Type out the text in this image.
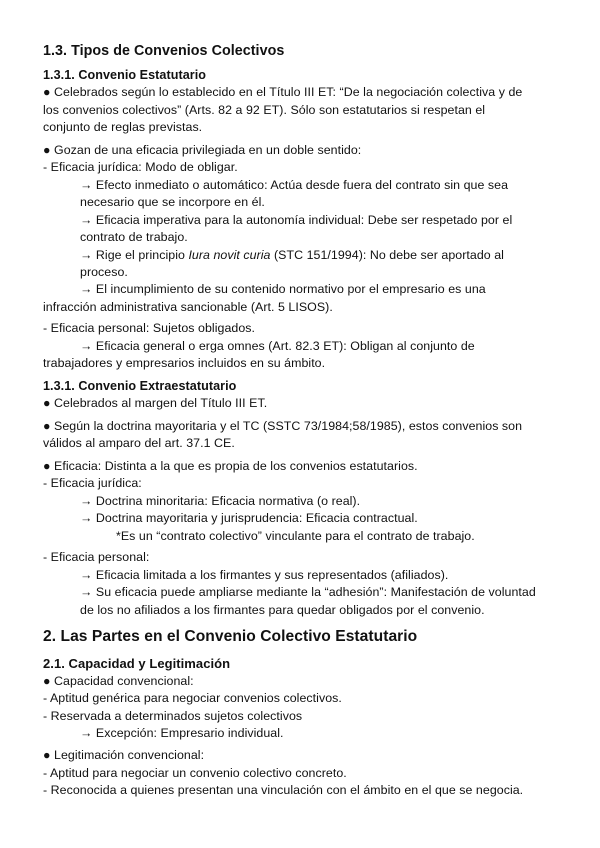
1.3. Tipos de Convenios Colectivos
1.3.1. Convenio Estatutario
● Celebrados según lo establecido en el Título III ET: “De la negociación colectiva y de
los convenios colectivos” (Arts. 82 a 92 ET). Sólo son estatutarios si respetan el
conjunto de reglas previstas.
● Gozan de una eficacia privilegiada en un doble sentido:
- Eficacia jurídica: Modo de obligar.
→ Efecto inmediato o automático: Actúa desde fuera del contrato sin que sea
necesario que se incorpore en él.
→ Eficacia imperativa para la autonomía individual: Debe ser respetado por el
contrato de trabajo.
→ Rige el principio Iura novit curia (STC 151/1994): No debe ser aportado al
proceso.
→ El incumplimiento de su contenido normativo por el empresario es una
infracción administrativa sancionable (Art. 5 LISOS).
- Eficacia personal: Sujetos obligados.
→ Eficacia general o erga omnes (Art. 82.3 ET): Obligan al conjunto de
trabajadores y empresarios incluidos en su ámbito.
1.3.1. Convenio Extraestatutario
● Celebrados al margen del Título III ET.
● Según la doctrina mayoritaria y el TC (SSTC 73/1984;58/1985), estos convenios son
válidos al amparo del art. 37.1 CE.
● Eficacia: Distinta a la que es propia de los convenios estatutarios.
- Eficacia jurídica:
→ Doctrina minoritaria: Eficacia normativa (o real).
→ Doctrina mayoritaria y jurisprudencia: Eficacia contractual.
*Es un “contrato colectivo” vinculante para el contrato de trabajo.
- Eficacia personal:
→ Eficacia limitada a los firmantes y sus representados (afiliados).
→ Su eficacia puede ampliarse mediante la “adhesión”: Manifestación de voluntad
de los no afiliados a los firmantes para quedar obligados por el convenio.
2. Las Partes en el Convenio Colectivo Estatutario
2.1. Capacidad y Legitimación
● Capacidad convencional:
- Aptitud genérica para negociar convenios colectivos.
- Reservada a determinados sujetos colectivos
→ Excepción: Empresario individual.
● Legitimación convencional:
- Aptitud para negociar un convenio colectivo concreto.
- Reconocida a quienes presentan una vinculación con el ámbito en el que se negocia.
